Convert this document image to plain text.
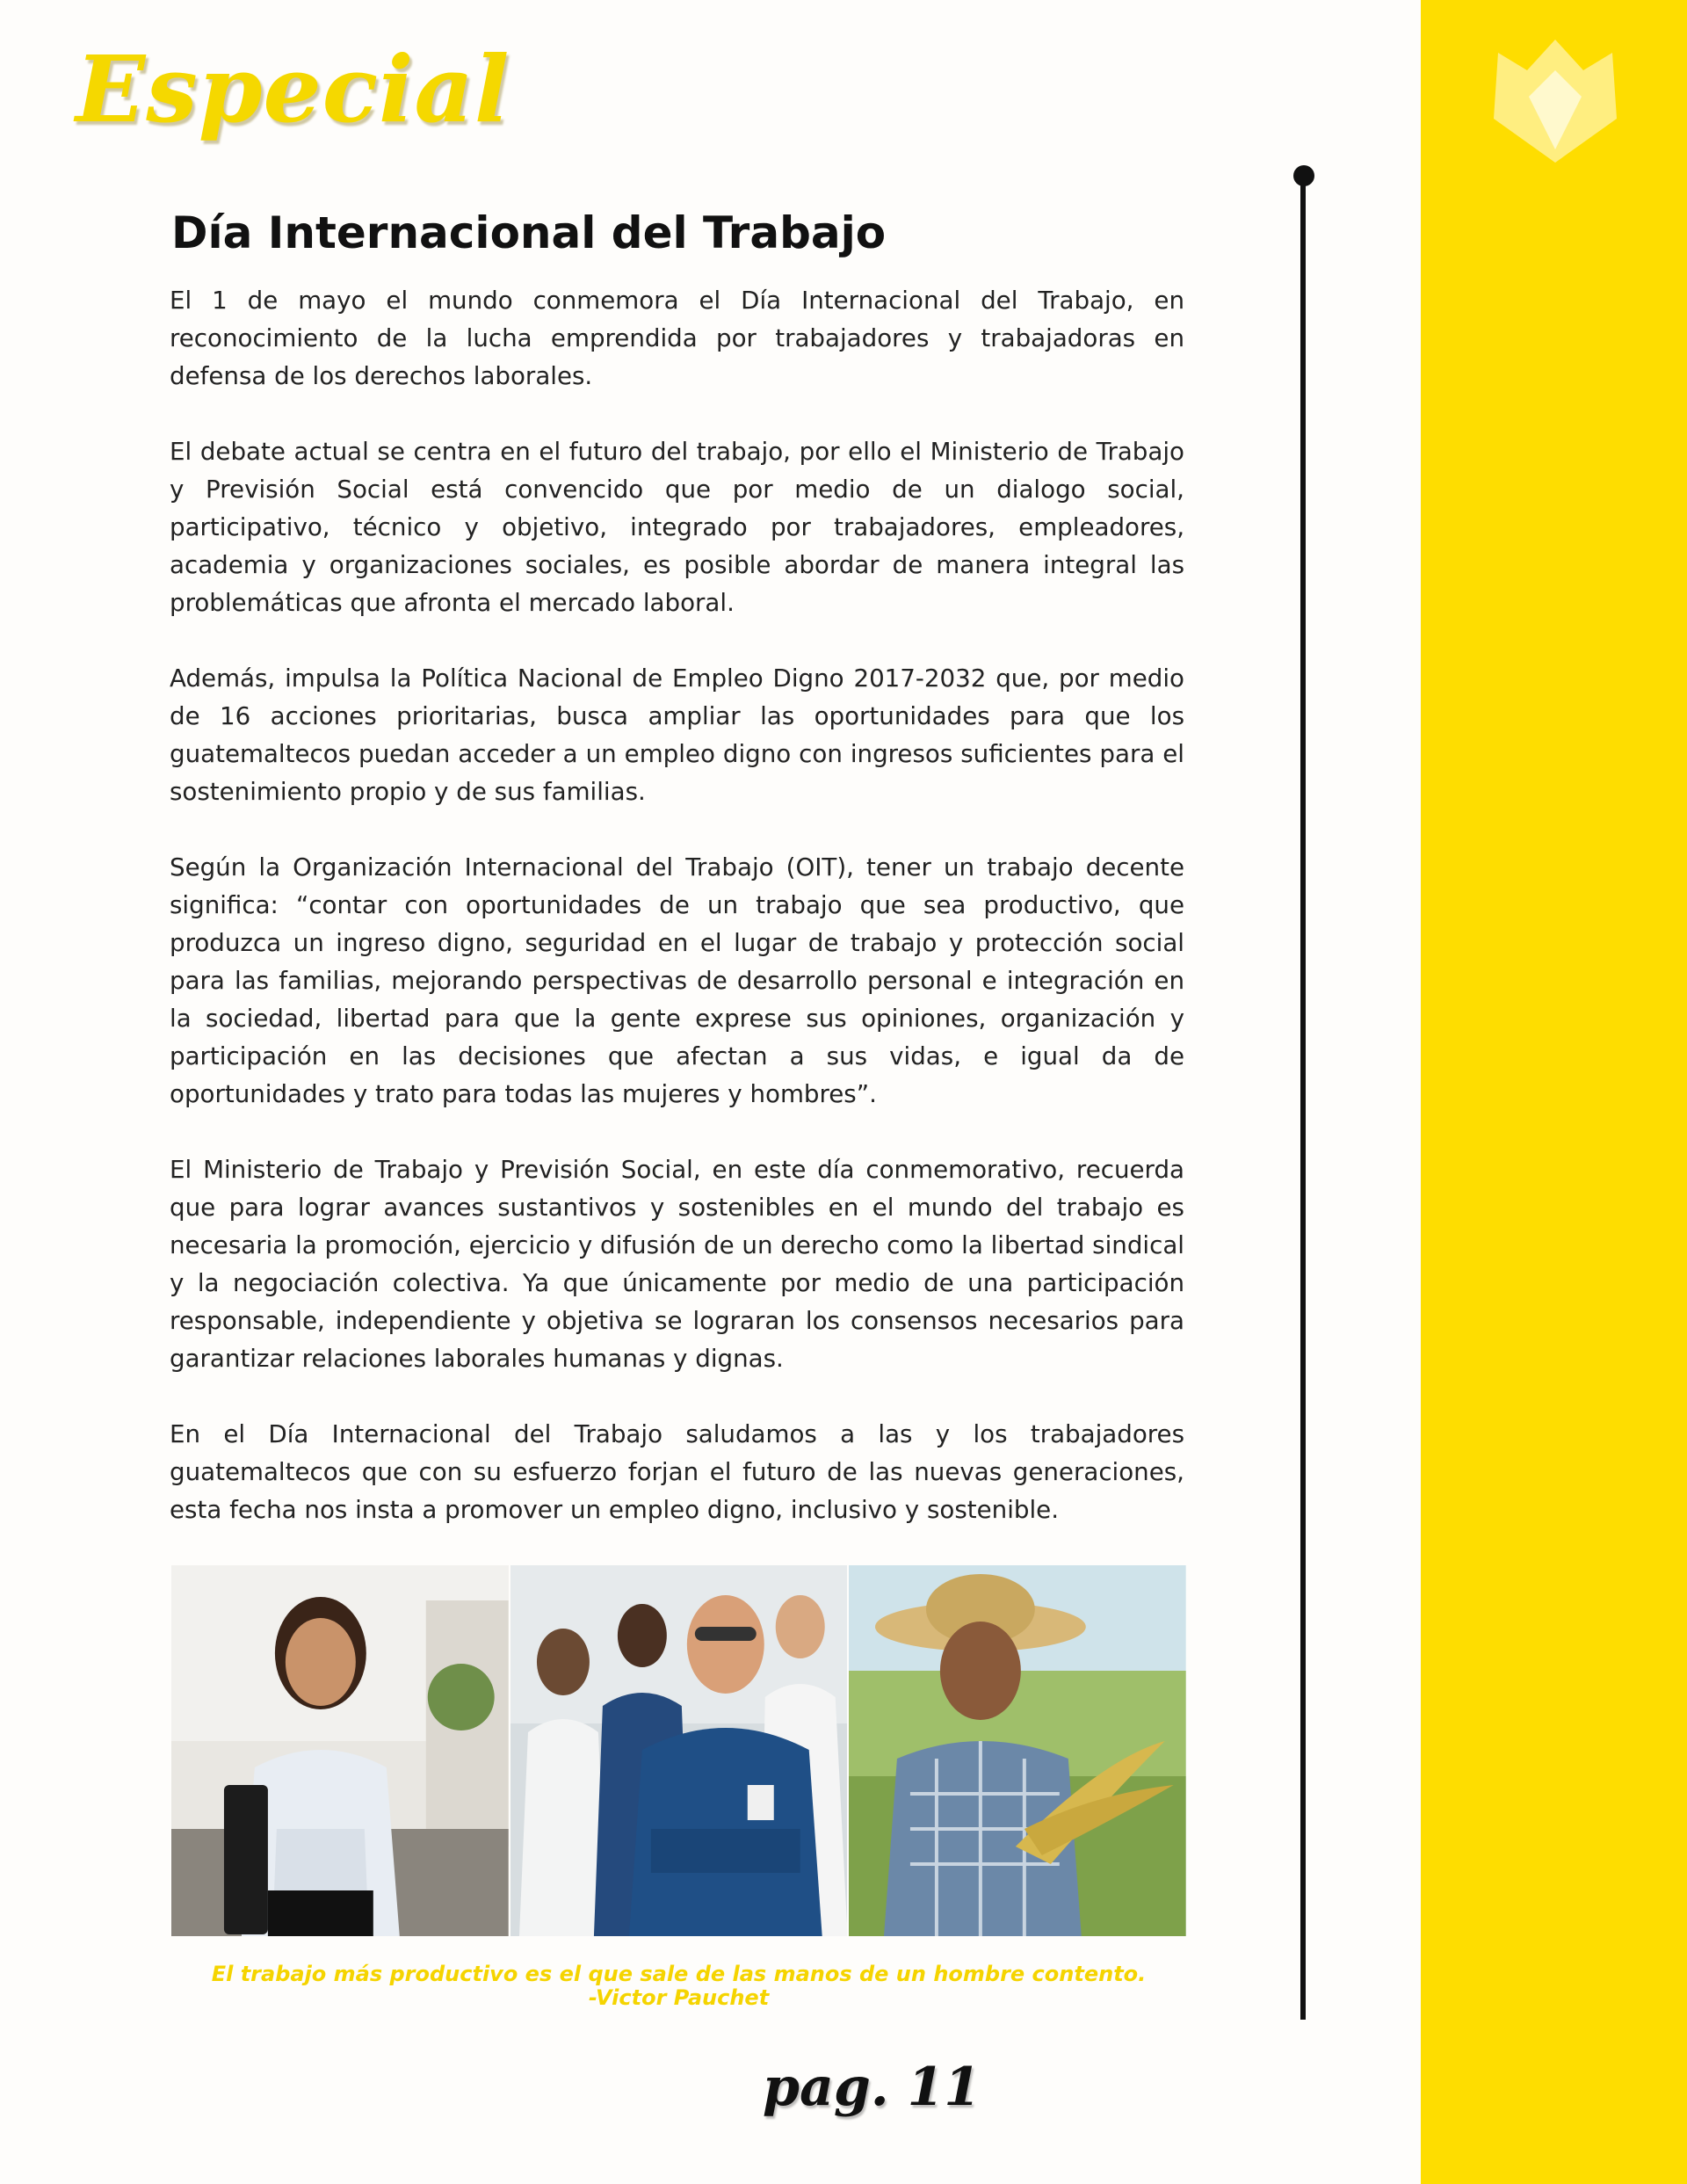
Especial
Día Internacional del Trabajo

El 1 de mayo el mundo conmemora el Día Internacional del Trabajo, en reconocimiento de la lucha emprendida por trabajadores y trabajadoras en defensa de los derechos laborales.

El debate actual se centra en el futuro del trabajo, por ello el Ministerio de Trabajo y Previsión Social está convencido que por medio de un dialogo social, participativo, técnico y objetivo, integrado por trabajadores, empleadores, academia y organizaciones sociales, es posible abordar de manera integral las problemáticas que afronta el mercado laboral.

Además, impulsa la Política Nacional de Empleo Digno 2017-2032 que, por medio de 16 acciones prioritarias, busca ampliar las oportunidades para que los guatemaltecos puedan acceder a un empleo digno con ingresos suficientes para el sostenimiento propio y de sus familias.

Según la Organización Internacional del Trabajo (OIT), tener un trabajo decente significa: “contar con oportunidades de un trabajo que sea productivo, que produzca un ingreso digno, seguridad en el lugar de trabajo y protección social para las familias, mejorando perspectivas de desarrollo personal e integración en la sociedad, libertad para que la gente exprese sus opiniones, organización y participación en las decisiones que afectan a sus vidas, e igual da de oportunidades y trato para todas las mujeres y hombres”.

El Ministerio de Trabajo y Previsión Social, en este día conmemorativo, recuerda que para lograr avances sustantivos y sostenibles en el mundo del trabajo es necesaria la promoción, ejercicio y difusión de un derecho como la libertad sindical y la negociación colectiva. Ya que únicamente por medio de una participación responsable, independiente y objetiva se lograran los consensos necesarios para garantizar relaciones laborales humanas y dignas.

En el Día Internacional del Trabajo saludamos a las y los trabajadores guatemaltecos que con su esfuerzo forjan el futuro de las nuevas generaciones, esta fecha nos insta a promover un empleo digno, inclusivo y sostenible.

El trabajo más productivo es el que sale de las manos de un hombre contento.
-Victor Pauchet
pag. 11
